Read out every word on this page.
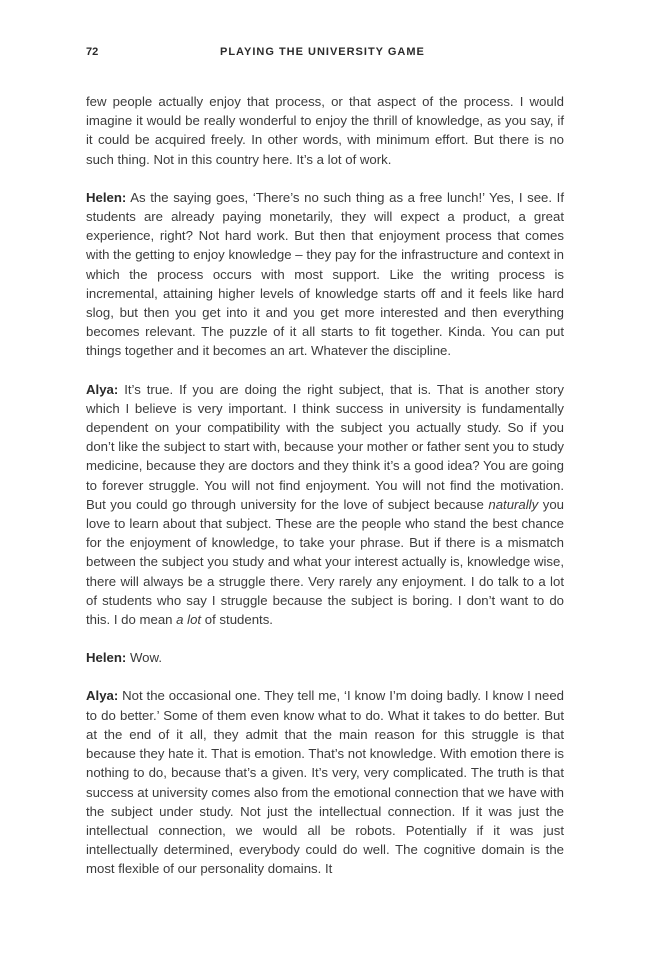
72	PLAYING THE UNIVERSITY GAME

few people actually enjoy that process, or that aspect of the process. I would imagine it would be really wonderful to enjoy the thrill of knowledge, as you say, if it could be acquired freely. In other words, with minimum effort. But there is no such thing. Not in this country here. It’s a lot of work.

Helen: As the saying goes, ‘There’s no such thing as a free lunch!’ Yes, I see. If students are already paying monetarily, they will expect a product, a great experience, right? Not hard work. But then that enjoyment process that comes with the getting to enjoy knowledge – they pay for the infrastructure and context in which the process occurs with most support. Like the writing process is incremental, attaining higher levels of knowledge starts off and it feels like hard slog, but then you get into it and you get more interested and then everything becomes relevant. The puzzle of it all starts to fit together. Kinda. You can put things together and it becomes an art. Whatever the discipline.

Alya: It’s true. If you are doing the right subject, that is. That is another story which I believe is very important. I think success in university is fundamentally dependent on your compatibility with the subject you actually study. So if you don’t like the subject to start with, because your mother or father sent you to study medicine, because they are doctors and they think it’s a good idea? You are going to forever struggle. You will not find enjoyment. You will not find the motivation. But you could go through university for the love of subject because naturally you love to learn about that subject. These are the people who stand the best chance for the enjoyment of knowledge, to take your phrase. But if there is a mismatch between the subject you study and what your interest actually is, knowledge wise, there will always be a struggle there. Very rarely any enjoyment. I do talk to a lot of students who say I struggle because the subject is boring. I don’t want to do this. I do mean a lot of students.

Helen: Wow.

Alya: Not the occasional one. They tell me, ‘I know I’m doing badly. I know I need to do better.’ Some of them even know what to do. What it takes to do better. But at the end of it all, they admit that the main reason for this struggle is that because they hate it. That is emotion. That’s not knowledge. With emotion there is nothing to do, because that’s a given. It’s very, very complicated. The truth is that success at university comes also from the emotional connection that we have with the subject under study. Not just the intellectual connection. If it was just the intellectual connection, we would all be robots. Potentially if it was just intellectually determined, everybody could do well. The cognitive domain is the most flexible of our personality domains. It
